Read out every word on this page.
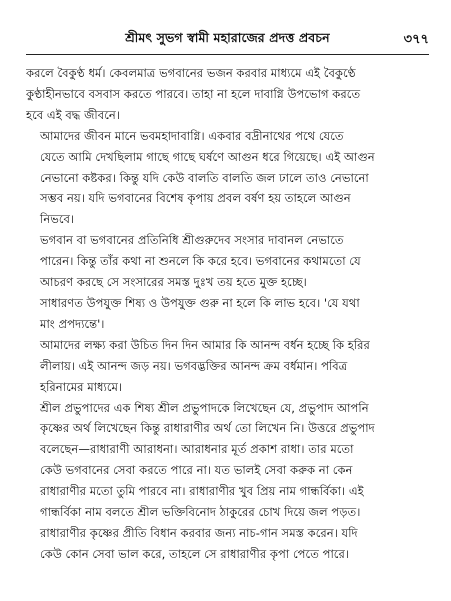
শ্রীমৎ সুভগ স্বামী মহারাজের প্রদত্ত প্রবচন	৩৭৭

করলে বৈকুণ্ঠ ধর্ম। কেবলমাত্র ভগবানের ভজন করবার মাধ্যমে এই বৈকুণ্ঠে
কুণ্ঠাহীনভাবে বসবাস করতে পারবে। তাহা না হলে দাবাগ্নি উপভোগ করতে
হবে এই বদ্ধ জীবনে।

আমাদের জীবন মানে ভবমহাদাবাগ্নি। একবার বদ্রীনাথের পথে যেতে
যেতে আমি দেখছিলাম গাছে গাছে ঘর্ষণে আগুন ধরে গিয়েছে। এই আগুন
নেভানো কষ্টকর। কিন্তু যদি কেউ বালতি বালতি জল ঢালে তাও নেভানো
সম্ভব নয়। যদি ভগবানের বিশেষ কৃপায় প্রবল বর্ষণ হয় তাহলে আগুন
নিভবে।

ভগবান বা ভগবানের প্রতিনিধি শ্রীগুরুদেব সংসার দাবানল নেভাতে
পারেন। কিন্তু তাঁর কথা না শুনলে কি করে হবে। ভগবানের কথামতো যে
আচরণ করছে সে সংসারের সমস্ত দুঃখ তয় হতে মুক্ত হচ্ছে।

সাধারণত উপযুক্ত শিষ্য ও উপযুক্ত গুরু না হলে কি লাভ হবে। 'যে যথা
মাং প্রপদ্যন্তে'।

আমাদের লক্ষ্য করা উচিত দিন দিন আমার কি আনন্দ বর্ধন হচ্ছে কি হরির
লীলায়। এই আনন্দ জড় নয়। ভগবদ্ভক্তির আনন্দ ক্রম বর্ধমান। পবিত্র
হরিনামের মাধ্যমে।

শ্রীল প্রভুপাদের এক শিষ্য শ্রীল প্রভুপাদকে লিখেছেন যে, প্রভুপাদ আপনি
কৃষ্ণের অর্থ লিখেছেন কিন্তু রাধারাণীর অর্থ তো লিখেন নি। উত্তরে প্রভুপাদ
বলেছেন—রাধারাণী আরাধনা। আরাধনার মূর্ত প্রকাশ রাধা। তার মতো
কেউ ভগবানের সেবা করতে পারে না। যত ভালই সেবা করুক না কেন
রাধারাণীর মতো তুমি পারবে না। রাধারাণীর খুব প্রিয় নাম গান্ধর্বিকা। এই
গান্ধর্বিকা নাম বলতে শ্রীল ভক্তিবিনোদ ঠাকুরের চোখ দিয়ে জল পড়ত।
রাধারাণীর কৃষ্ণের প্রীতি বিধান করবার জন্য নাচ-গান সমস্ত করেন। যদি
কেউ কোন সেবা ভাল করে, তাহলে সে রাধারাণীর কৃপা পেতে পারে।
